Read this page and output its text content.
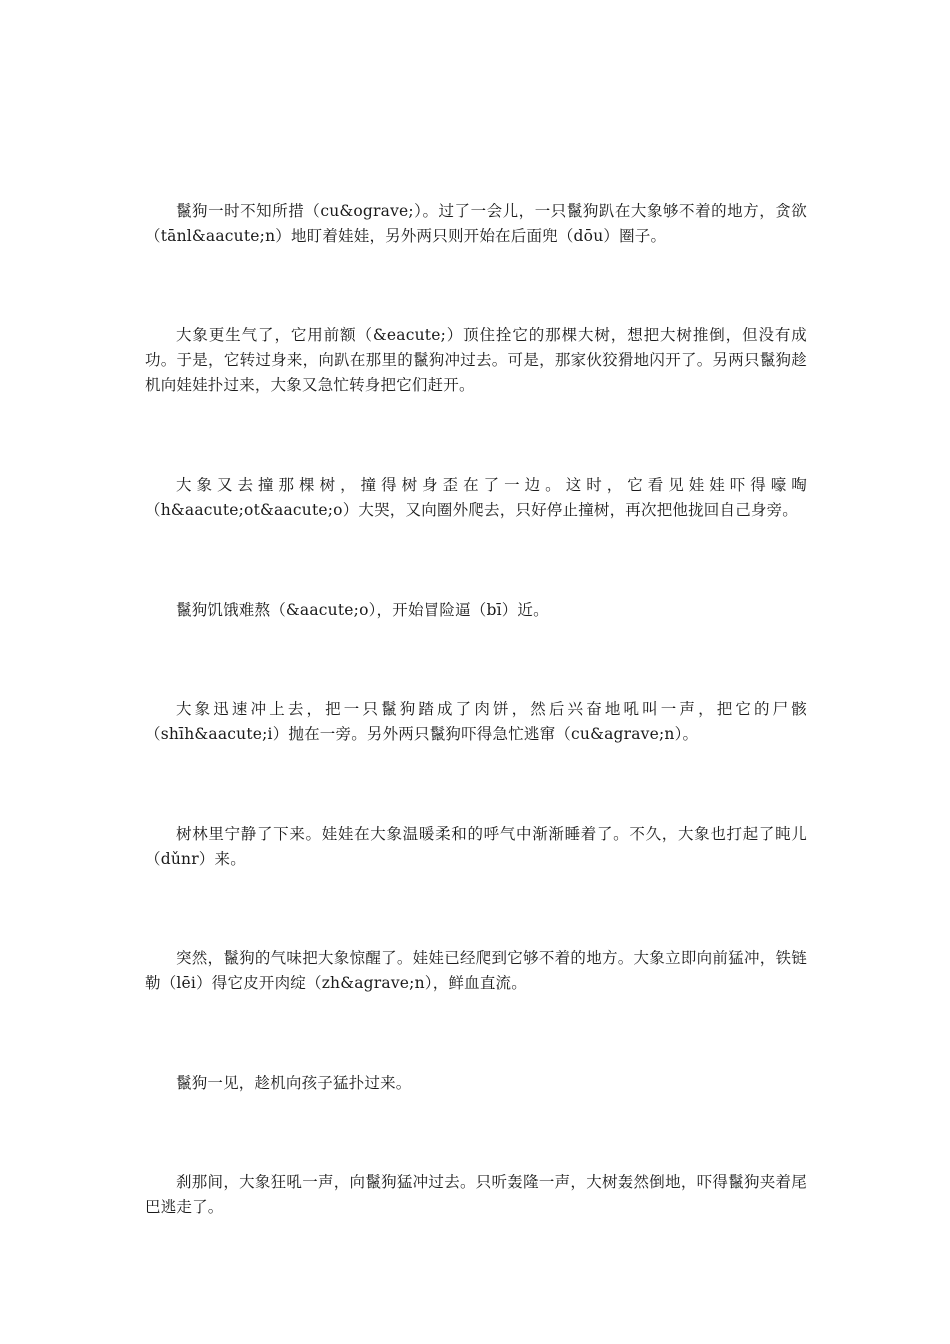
鬣狗一时不知所措（cu&ograve;）。过了一会儿，一只鬣狗趴在大象够不着的地方，贪欲（tānl&aacute;n）地盯着娃娃，另外两只则开始在后面兜（dōu）圈子。

大象更生气了，它用前额（&eacute;）顶住拴它的那棵大树，想把大树推倒，但没有成功。于是，它转过身来，向趴在那里的鬣狗冲过去。可是，那家伙狡猾地闪开了。另两只鬣狗趁机向娃娃扑过来，大象又急忙转身把它们赶开。

大象又去撞那棵树，撞得树身歪在了一边。这时，它看见娃娃吓得嚎啕（h&aacute;ot&aacute;o）大哭，又向圈外爬去，只好停止撞树，再次把他拢回自己身旁。

鬣狗饥饿难熬（&aacute;o），开始冒险逼（bī）近。

大象迅速冲上去，把一只鬣狗踏成了肉饼，然后兴奋地吼叫一声，把它的尸骸（shīh&aacute;i）抛在一旁。另外两只鬣狗吓得急忙逃窜（cu&agrave;n）。

树林里宁静了下来。娃娃在大象温暖柔和的呼气中渐渐睡着了。不久，大象也打起了盹儿（dǔnr）来。

突然，鬣狗的气味把大象惊醒了。娃娃已经爬到它够不着的地方。大象立即向前猛冲，铁链勒（lēi）得它皮开肉绽（zh&agrave;n），鲜血直流。

鬣狗一见，趁机向孩子猛扑过来。

刹那间，大象狂吼一声，向鬣狗猛冲过去。只听轰隆一声，大树轰然倒地，吓得鬣狗夹着尾巴逃走了。
